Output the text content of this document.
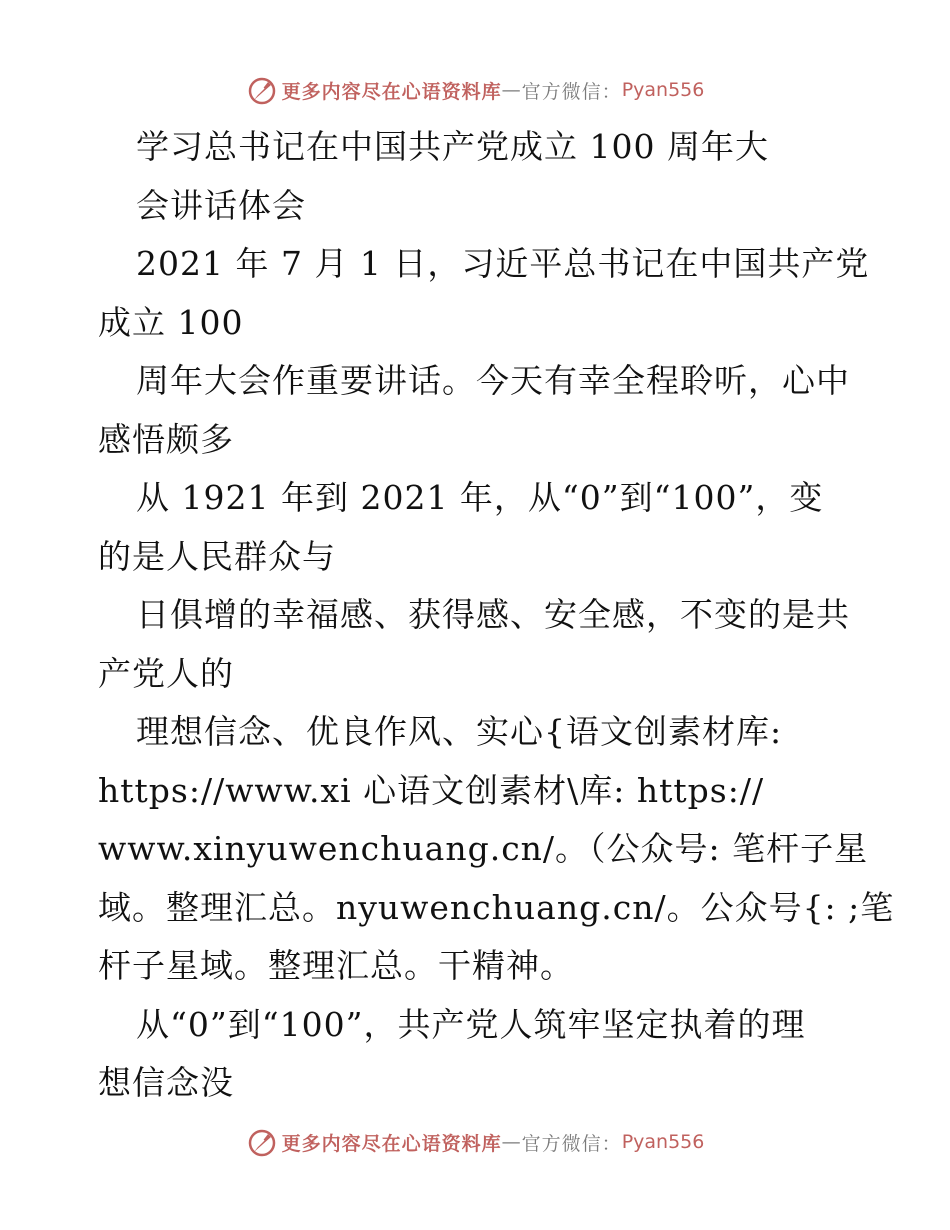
更多内容尽在心语资料库 — 官方微信： Pyan556
学习总书记在中国共产党成立 100 周年大
会讲话体会
2021 年 7 月 1 日，习近平总书记在中国共产党
成立 100
周年大会作重要讲话。今天有幸全程聆听，心中
感悟颇多
从 1921 年到 2021 年，从“0”到“100”，变
的是人民群众与
日俱增的幸福感、获得感、安全感，不变的是共
产党人的
理想信念、优良作风、实心{语文创素材库:
https://www.xi 心语文创素材\库: https://
www.xinyuwenchuang.cn/。（公众号: 笔杆子星
域。整理汇总。nyuwenchuang.cn/。公众号{: ;笔
杆子星域。整理汇总。干精神。
从“0”到“100”，共产党人筑牢坚定执着的理
想信念没
更多内容尽在心语资料库 — 官方微信： Pyan556
